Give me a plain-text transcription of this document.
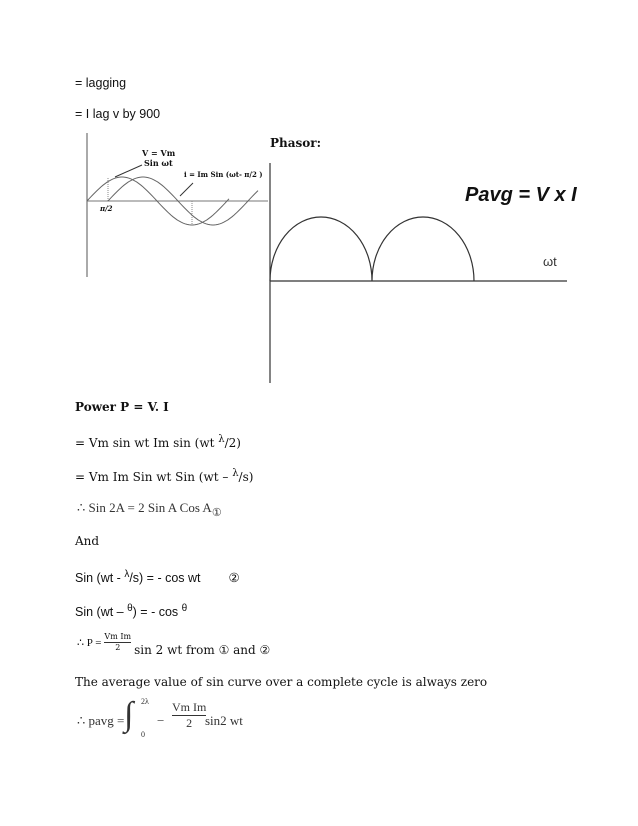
= lagging
= I lag v by 900
V = Vm
Sin ωt
i = Im Sin (ωt- π/2 )
π/2
Phasor:
Pavg = V x I
ωt
Power P = V. I
= Vm sin wt Im sin (wt $^\lambda$/2)
= Vm Im Sin wt Sin (wt – $^\lambda$/s)
∴ Sin 2A = 2 Sin A Cos $A_①$
And
Sin (wt - $^\lambda$/s) = - cos wt ②
Sin (wt – $^\theta$) = - cos $^\theta$
∴ $P = \frac{\text{Vm Im}}{2}$ sin 2 wt from ① and ②
The average value of sin curve over a complete cycle is always zero
∴ pavg = ∫ 2λ
0
− $\frac{\text{Vm Im}}{2}$
sin2 wt
